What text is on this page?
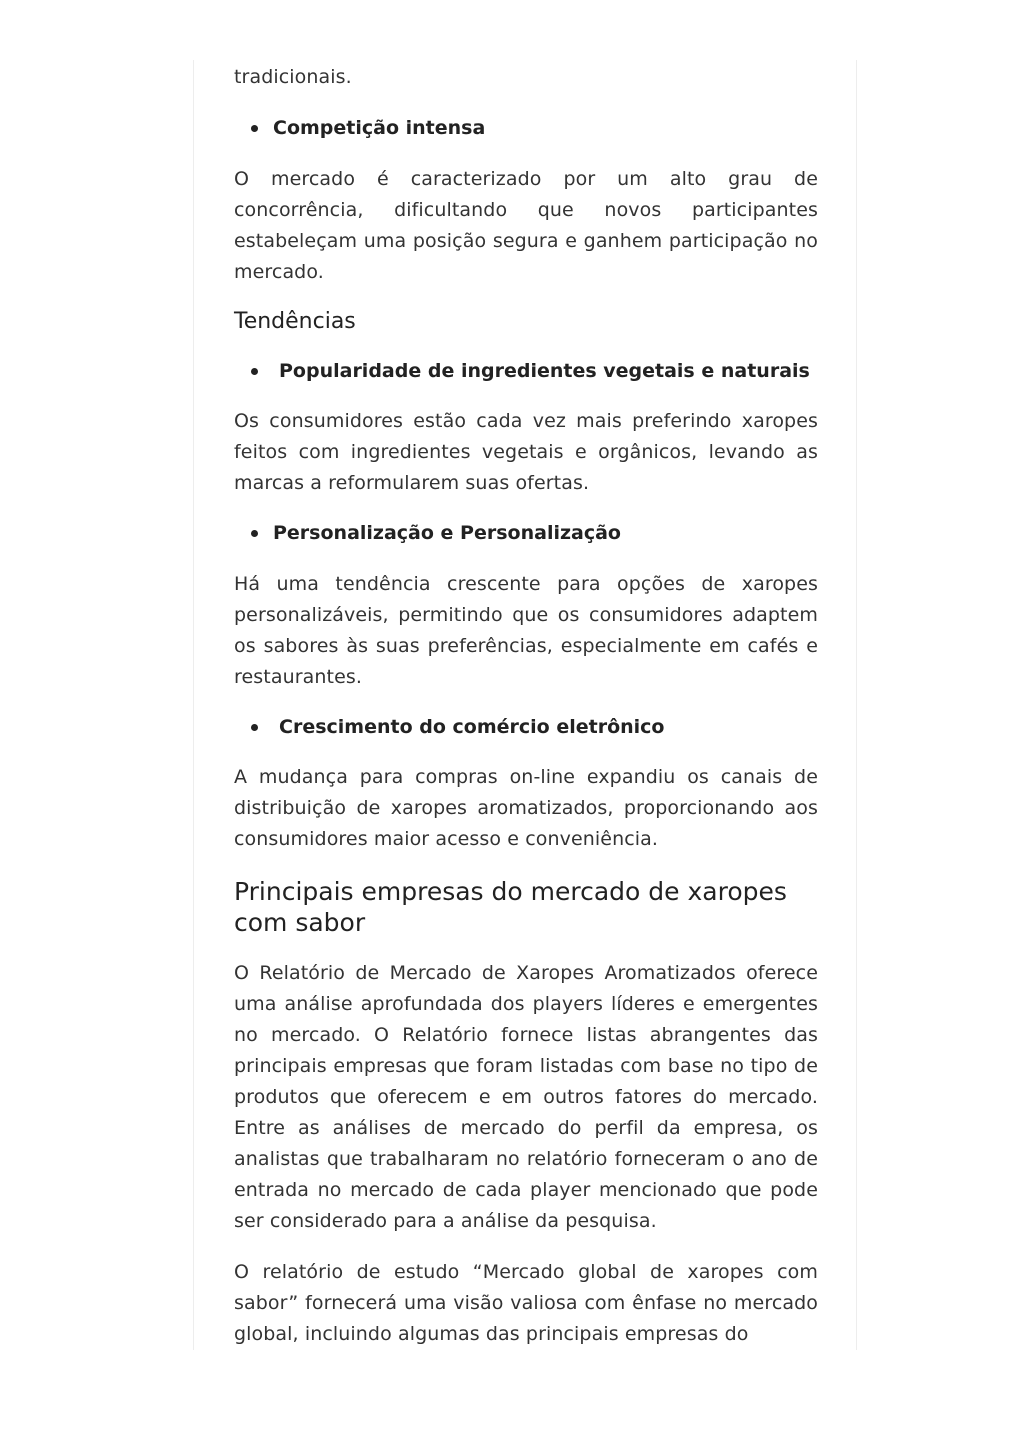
tradicionais.

Competição intensa

O mercado é caracterizado por um alto grau de concorrência, dificultando que novos participantes estabeleçam uma posição segura e ganhem participação no mercado.

Tendências
Popularidade de ingredientes vegetais e naturais

Os consumidores estão cada vez mais preferindo xaropes feitos com ingredientes vegetais e orgânicos, levando as marcas a reformularem suas ofertas.

Personalização e Personalização

Há uma tendência crescente para opções de xaropes personalizáveis, permitindo que os consumidores adaptem os sabores às suas preferências, especialmente em cafés e restaurantes.

Crescimento do comércio eletrônico

A mudança para compras on-line expandiu os canais de distribuição de xaropes aromatizados, proporcionando aos consumidores maior acesso e conveniência.

Principais empresas do mercado de xaropes com sabor

O Relatório de Mercado de Xaropes Aromatizados oferece uma análise aprofundada dos players líderes e emergentes no mercado. O Relatório fornece listas abrangentes das principais empresas que foram listadas com base no tipo de produtos que oferecem e em outros fatores do mercado. Entre as análises de mercado do perfil da empresa, os analistas que trabalharam no relatório forneceram o ano de entrada no mercado de cada player mencionado que pode ser considerado para a análise da pesquisa.

O relatório de estudo “Mercado global de xaropes com sabor” fornecerá uma visão valiosa com ênfase no mercado global, incluindo algumas das principais empresas do
